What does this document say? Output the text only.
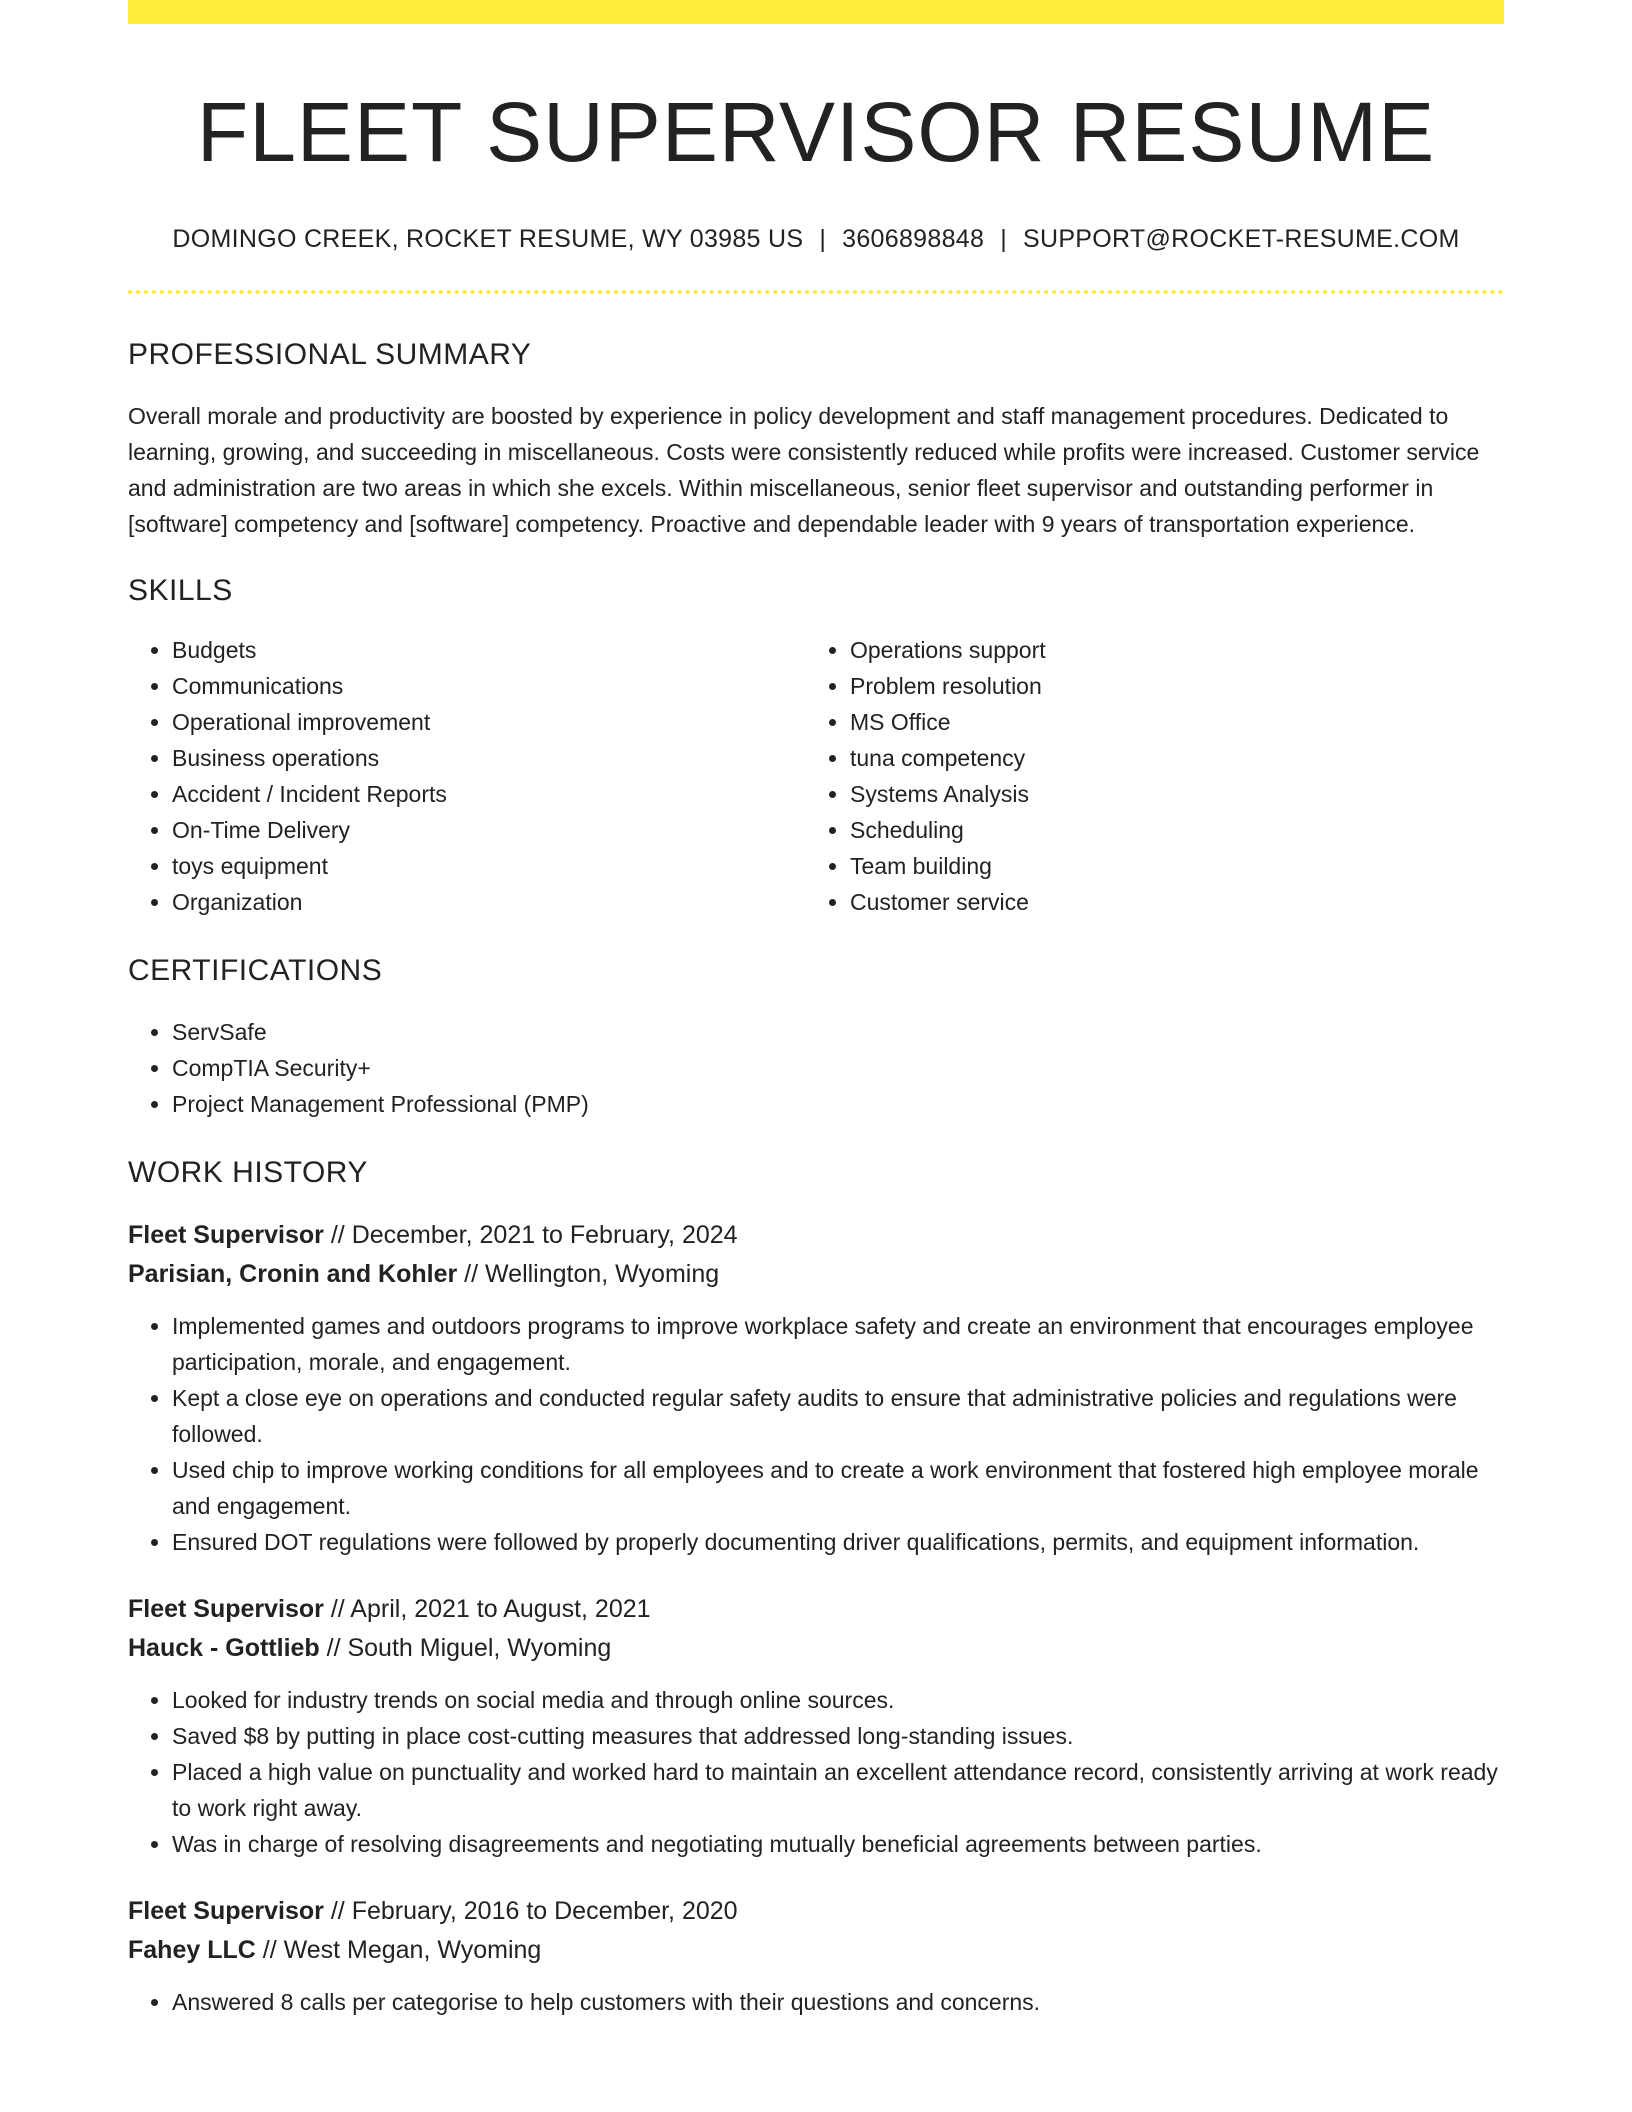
FLEET SUPERVISOR RESUME
DOMINGO CREEK, ROCKET RESUME, WY 03985 US | 3606898848 | SUPPORT@ROCKET-RESUME.COM
PROFESSIONAL SUMMARY

Overall morale and productivity are boosted by experience in policy development and staff management procedures. Dedicated to learning, growing, and succeeding in miscellaneous. Costs were consistently reduced while profits were increased. Customer service and administration are two areas in which she excels. Within miscellaneous, senior fleet supervisor and outstanding performer in [software] competency and [software] competency. Proactive and dependable leader with 9 years of transportation experience.

SKILLS
• Budgets
• Communications
• Operational improvement
• Business operations
• Accident / Incident Reports
• On-Time Delivery
• toys equipment
• Organization
• Operations support
• Problem resolution
• MS Office
• tuna competency
• Systems Analysis
• Scheduling
• Team building
• Customer service
CERTIFICATIONS
• ServSafe
• CompTIA Security+
• Project Management Professional (PMP)
WORK HISTORY
Fleet Supervisor // December, 2021 to February, 2024
Parisian, Cronin and Kohler // Wellington, Wyoming
• Implemented games and outdoors programs to improve workplace safety and create an environment that encourages employee participation, morale, and engagement.
• Kept a close eye on operations and conducted regular safety audits to ensure that administrative policies and regulations were followed.
• Used chip to improve working conditions for all employees and to create a work environment that fostered high employee morale and engagement.
• Ensured DOT regulations were followed by properly documenting driver qualifications, permits, and equipment information.
Fleet Supervisor // April, 2021 to August, 2021
Hauck - Gottlieb // South Miguel, Wyoming
• Looked for industry trends on social media and through online sources.
• Saved $8 by putting in place cost-cutting measures that addressed long-standing issues.
• Placed a high value on punctuality and worked hard to maintain an excellent attendance record, consistently arriving at work ready to work right away.
• Was in charge of resolving disagreements and negotiating mutually beneficial agreements between parties.
Fleet Supervisor // February, 2016 to December, 2020
Fahey LLC // West Megan, Wyoming
• Answered 8 calls per categorise to help customers with their questions and concerns.
